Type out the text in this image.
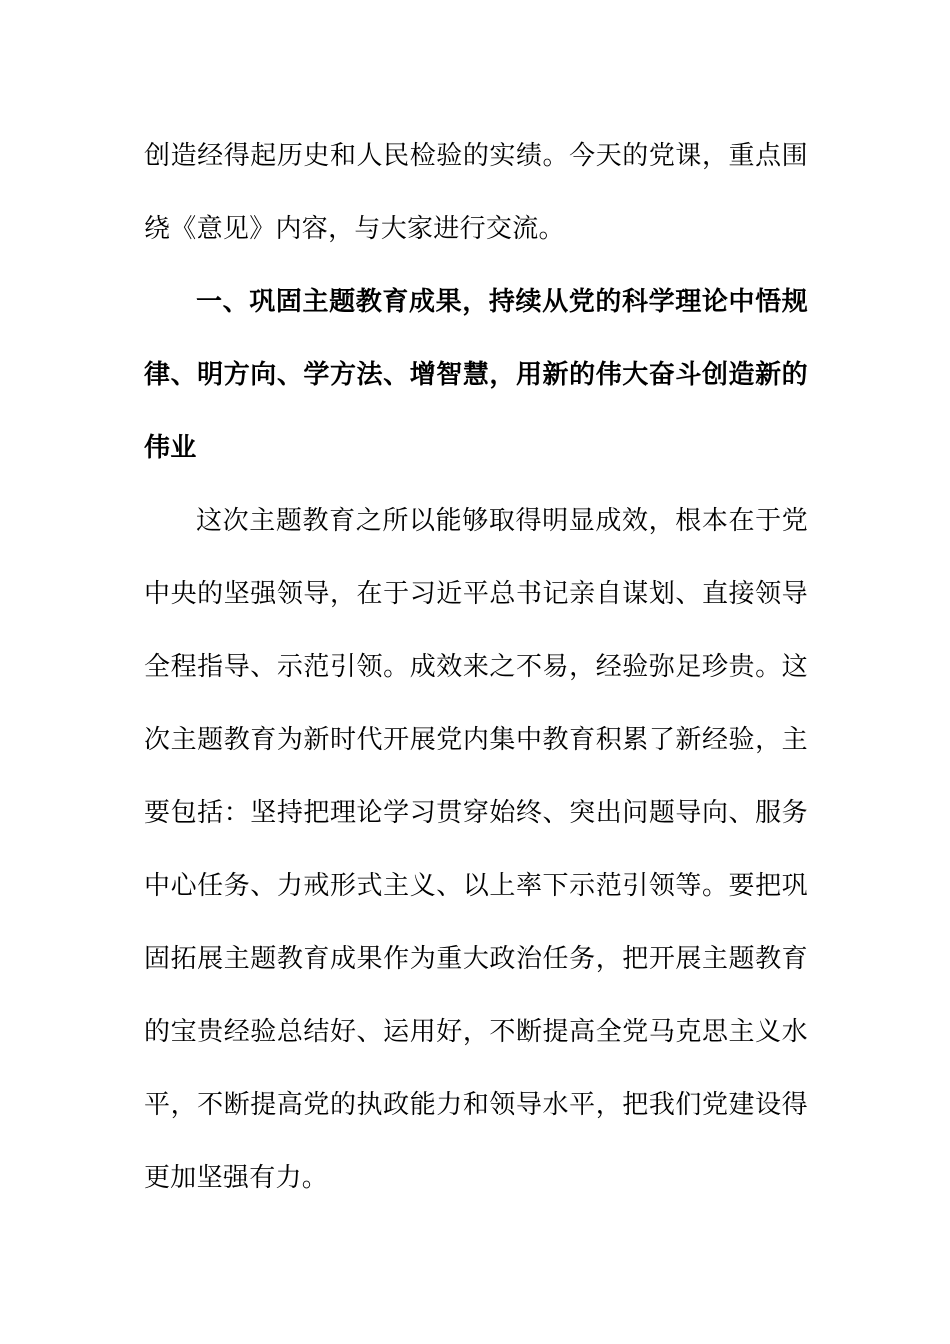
创造经得起历史和人民检验的实绩。今天的党课，重点围绕《意见》内容，与大家进行交流。

一、巩固主题教育成果，持续从党的科学理论中悟规律、明方向、学方法、增智慧，用新的伟大奋斗创造新的伟业

这次主题教育之所以能够取得明显成效，根本在于党中央的坚强领导，在于习近平总书记亲自谋划、直接领导全程指导、示范引领。成效来之不易，经验弥足珍贵。这次主题教育为新时代开展党内集中教育积累了新经验，主要包括：坚持把理论学习贯穿始终、突出问题导向、服务中心任务、力戒形式主义、以上率下示范引领等。要把巩固拓展主题教育成果作为重大政治任务，把开展主题教育的宝贵经验总结好、运用好，不断提高全党马克思主义水平，不断提高党的执政能力和领导水平，把我们党建设得更加坚强有力。
